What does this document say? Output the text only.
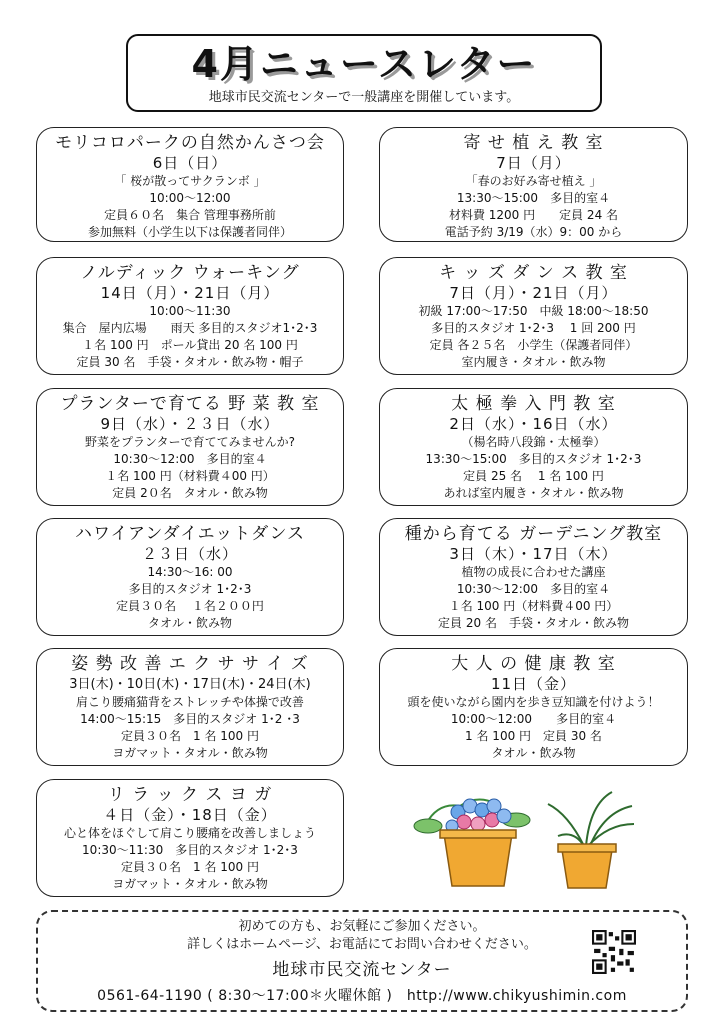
4月ニュースレター
地球市民交流センターで一般講座を開催しています。
モリコロパークの自然かんさつ会
6日（日）
「 桜が散ってサクランボ 」
10:00〜12:00
定員６０名　集合 管理事務所前
参加無料（小学生以下は保護者同伴）
寄 せ 植 え 教 室
7日（月）
「春のお好み寄せ植え 」
13:30〜15:00　多目的室４
材料費 1200 円　　定員 24 名
電話予約 3/19（水）9：00 から
ノルディック ウォーキング
14日（月）・21日（月）
10:00〜11:30
集合　屋内広場　　雨天 多目的スタジオ1･2･3
１名 100 円　ポール貸出 20 名 100 円
定員 30 名　手袋・タオル・飲み物・帽子
キ ッ ズ ダ ン ス 教 室
7日（月）・21日（月）
初級 17:00〜17:50　中級 18:00〜18:50
多目的スタジオ 1･2･3　 1 回 200 円
定員 各２５名　小学生（保護者同伴）
室内履き・タオル・飲み物
プランターで育てる 野 菜 教 室
9日（水）・２３日（水）
野菜をプランターで育ててみませんか?
10:30〜12:00　多目的室４
１名 100 円（材料費４00 円）
定員 2０名　タオル・飲み物
太 極 拳 入 門 教 室
2日（水）・16日（水）
（楊名時八段錦・太極拳）
13:30〜15:00　多目的スタジオ 1･2･3
定員 25 名　 1 名 100 円
あれば室内履き・タオル・飲み物
ハワイアンダイエットダンス
２３日（水）
14:30〜16: 00
多目的スタジオ 1･2･3
定員３０名　 １名２００円
タオル・飲み物
種から育てる ガーデニング教室
3日（木）・17日（木）
植物の成長に合わせた講座
10:30〜12:00　多目的室４
１名 100 円（材料費４00 円）
定員 20 名　手袋・タオル・飲み物
姿 勢 改 善 エ ク サ サ イ ズ
3日(木)・10日(木)・17日(木)・24日(木)
肩こり腰痛猫背をストレッチや体操で改善
14:00〜15:15　多目的スタジオ 1･2 ･3
定員３０名　1 名 100 円
ヨガマット・タオル・飲み物
大 人 の 健 康 教 室
11日（金）
頭を使いながら園内を歩き豆知識を付けよう！
10:00〜12:00　　多目的室４
1 名 100 円　定員 30 名
タオル・飲み物
リ ラ ッ ク ス ヨ ガ
４日（金）・18日（金）
心と体をほぐして肩こり腰痛を改善しましょう
10:30〜11:30　多目的スタジオ 1･2･3
定員３０名　1 名 100 円
ヨガマット・タオル・飲み物
初めての方も、お気軽にご参加ください。
詳しくはホームページ、お電話にてお問い合わせください。
地球市民交流センター
0561-64-1190 ( 8:30〜17:00＊火曜休館 )　http://www.chikyushimin.com
